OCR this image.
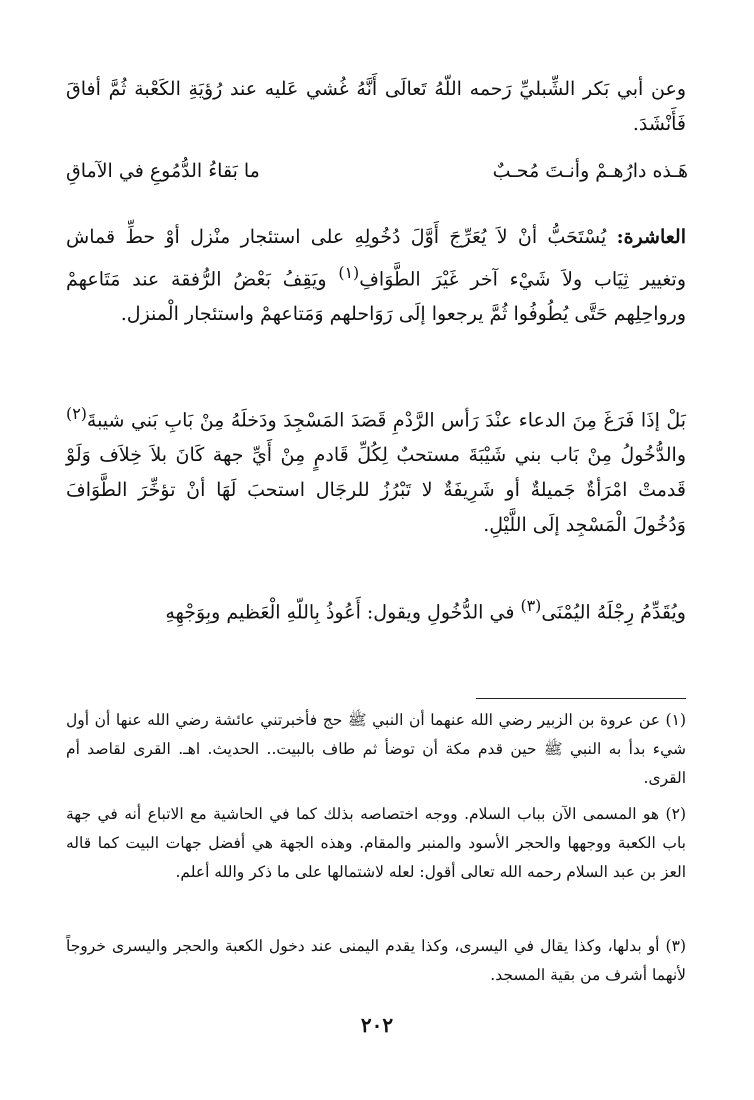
وعن أبي بَكر الشِّبليِّ رَحمه اللّهُ تَعالَى أَنَّهُ غُشي عَليه عند رُؤيَةِ الكَعْبة ثُمَّ أفاقَ فَأَنْشَدَ.

هَـذه دارُهـمْ وأنـتَ مُحـبٌ
ما بَقاءُ الدُّمُوعِ في الآماقِ

العاشرة: يُسْتَحَبُّ أنْ لاَ يُعَرِّجَ أَوَّلَ دُخُولِهِ على استئجار منْزل أوْ حطِّ قماش وتغيير ثِيَاب ولاَ شَيْء آخر غَيْرَ الطَّوَافِ$^{(١)}$ ويَقِفُ بَعْضُ الرُّفقة عند مَتَاعهمْ ورواحِلِهم حَتَّى يُطُوفُوا ثُمَّ يرجعوا إلَى رَوَاحلهم وَمَتاعهمْ واستئجار الْمنزل.

بَلْ إذَا فَرَغَ مِنَ الدعاء عنْدَ رَأس الرَّدْمِ قَصَدَ المَسْجِدَ ودَخلَهُ مِنْ بَابِ بَني شيبةَ$^{(٢)}$ والدُّخُولُ مِنْ بَاب بني شَيْبَةَ مستحبٌ لِكُلِّ قَادمٍ مِنْ أَيِّ جهة كَانَ بلاَ خِلاَف وَلَوْ قَدمتْ امْرَأةٌ جَميلةٌ أو شَرِيفَةٌ لا تَبْرُزُ للرجَال استحبَ لَهَا أنْ تؤخِّرَ الطَّوَافَ وَدُخُولَ الْمَسْجِد إلَى اللَّيْلِ.

ويُقَدِّمُ رِجْلَهُ اليُمْنَى$^{(٣)}$ في الدُّخُولِ ويقول: أَعُوذُ بِاللّهِ الْعَظيم وبِوَجْهِهِ

(١) عن عروة بن الزبير رضي الله عنهما أن النبي ﷺ حج فأخبرتني عائشة رضي الله عنها أن أول شيء بدأ به النبي ﷺ حين قدم مكة أن توضأ ثم طاف بالبيت.. الحديث. اهـ. القرى لقاصد أم القرى.

(٢) هو المسمى الآن بباب السلام. ووجه اختصاصه بذلك كما في الحاشية مع الاتباع أنه في جهة باب الكعبة ووجهها والحجر الأسود والمنبر والمقام. وهذه الجهة هي أفضل جهات البيت كما قاله العز بن عبد السلام رحمه الله تعالى أقول: لعله لاشتمالها على ما ذكر والله أعلم.

(٣) أو بدلها، وكذا يقال في اليسرى، وكذا يقدم اليمنى عند دخول الكعبة والحجر واليسرى خروجاً لأنهما أشرف من بقية المسجد.

٢٠٢
